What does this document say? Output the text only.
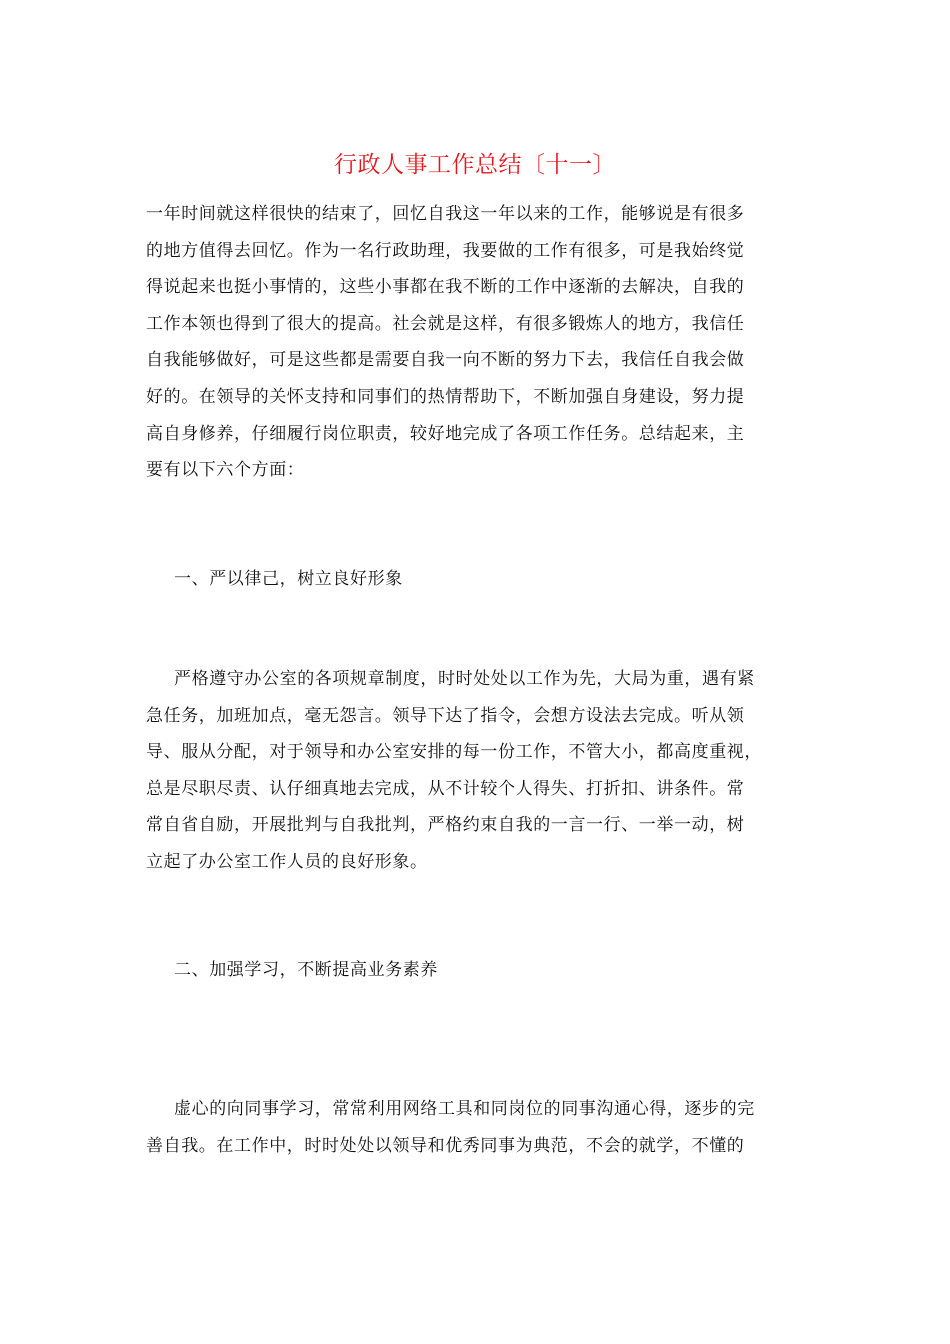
行政人事工作总结〔十一〕
一年时间就这样很快的结束了，回忆自我这一年以来的工作，能够说是有很多
的地方值得去回忆。作为一名行政助理，我要做的工作有很多，可是我始终觉
得说起来也挺小事情的，这些小事都在我不断的工作中逐渐的去解决，自我的
工作本领也得到了很大的提高。社会就是这样，有很多锻炼人的地方，我信任
自我能够做好，可是这些都是需要自我一向不断的努力下去，我信任自我会做
好的。在领导的关怀支持和同事们的热情帮助下，不断加强自身建设，努力提
高自身修养，仔细履行岗位职责，较好地完成了各项工作任务。总结起来，主
要有以下六个方面：
一、严以律己，树立良好形象
严格遵守办公室的各项规章制度，时时处处以工作为先，大局为重，遇有紧
急任务，加班加点，毫无怨言。领导下达了指令，会想方设法去完成。听从领
导、服从分配，对于领导和办公室安排的每一份工作，不管大小，都高度重视，
总是尽职尽责、认仔细真地去完成，从不计较个人得失、打折扣、讲条件。常
常自省自励，开展批判与自我批判，严格约束自我的一言一行、一举一动，树
立起了办公室工作人员的良好形象。
二、加强学习，不断提高业务素养
虚心的向同事学习，常常利用网络工具和同岗位的同事沟通心得，逐步的完
善自我。在工作中，时时处处以领导和优秀同事为典范，不会的就学，不懂的
